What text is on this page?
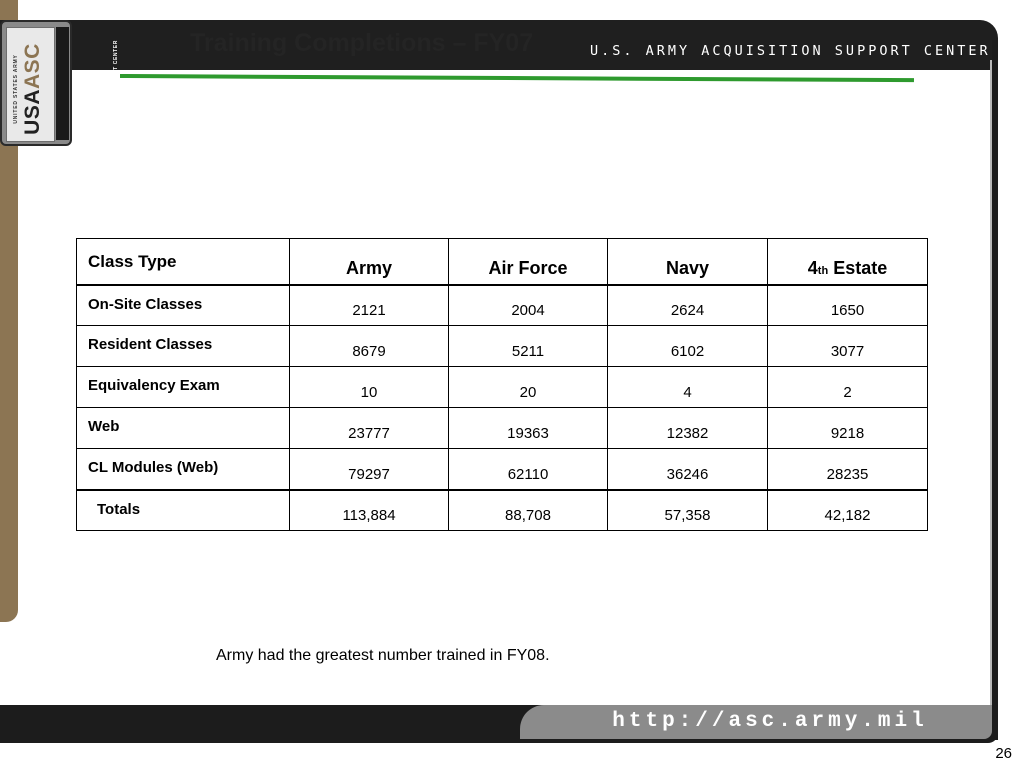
Training Completions – FY07	U.S. ARMY ACQUISITION SUPPORT CENTER
USAASC
UNITED STATES ARMY	ACQUISITION SUPPORT CENTER
Class Type	Army	Air Force	Navy	4th Estate
On-Site Classes	2121	2004	2624	1650
Resident Classes	8679	5211	6102	3077
Equivalency Exam	10	20	4	2
Web	23777	19363	12382	9218
CL Modules (Web)	79297	62110	36246	28235
Totals	113,884	88,708	57,358	42,182
Army had the greatest number trained in FY08.
http://asc.army.mil
26
